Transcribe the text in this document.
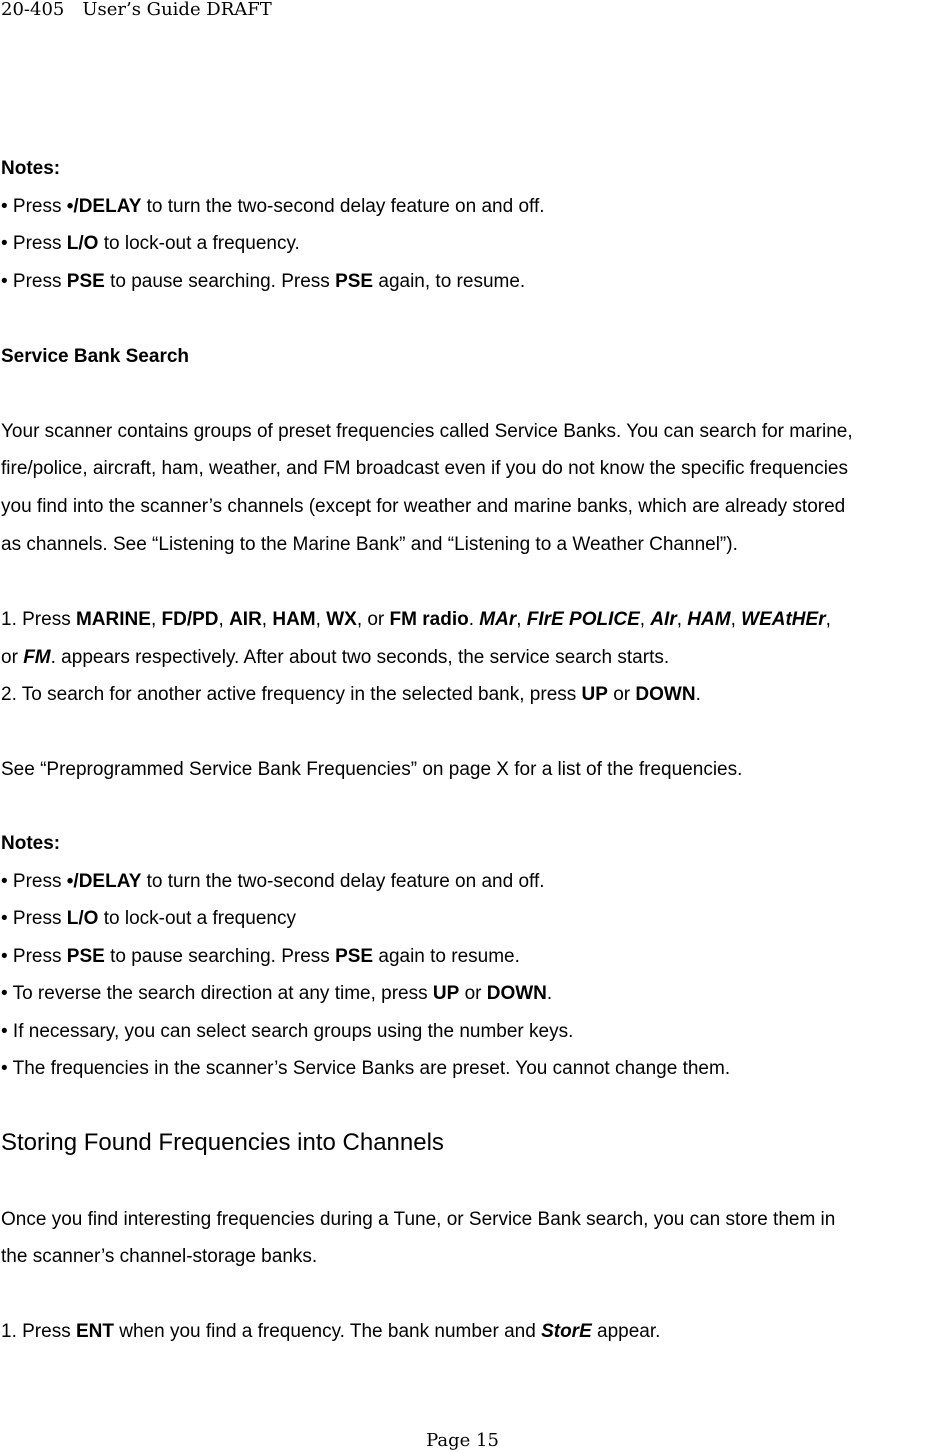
20-405　User’s Guide DRAFT
Notes:
• Press •/DELAY to turn the two-second delay feature on and off.
• Press L/O to lock-out a frequency.
• Press PSE to pause searching. Press PSE again, to resume.
Service Bank Search
Your scanner contains groups of preset frequencies called Service Banks. You can search for marine,
fire/police, aircraft, ham, weather, and FM broadcast even if you do not know the specific frequencies
you find into the scanner’s channels (except for weather and marine banks, which are already stored
as channels. See “Listening to the Marine Bank” and “Listening to a Weather Channel”).
1. Press MARINE, FD/PD, AIR, HAM, WX, or FM radio. MAr, FIrE POLICE, AIr, HAM, WEAtHEr,
or FM. appears respectively. After about two seconds, the service search starts.
2. To search for another active frequency in the selected bank, press UP or DOWN.
See “Preprogrammed Service Bank Frequencies” on page X for a list of the frequencies.
Notes:
• Press •/DELAY to turn the two-second delay feature on and off.
• Press L/O to lock-out a frequency
• Press PSE to pause searching. Press PSE again to resume.
• To reverse the search direction at any time, press UP or DOWN.
• If necessary, you can select search groups using the number keys.
• The frequencies in the scanner’s Service Banks are preset. You cannot change them.
Storing Found Frequencies into Channels
Once you find interesting frequencies during a Tune, or Service Bank search, you can store them in
the scanner’s channel-storage banks.
1. Press ENT when you find a frequency. The bank number and StorE appear.
Page 15
